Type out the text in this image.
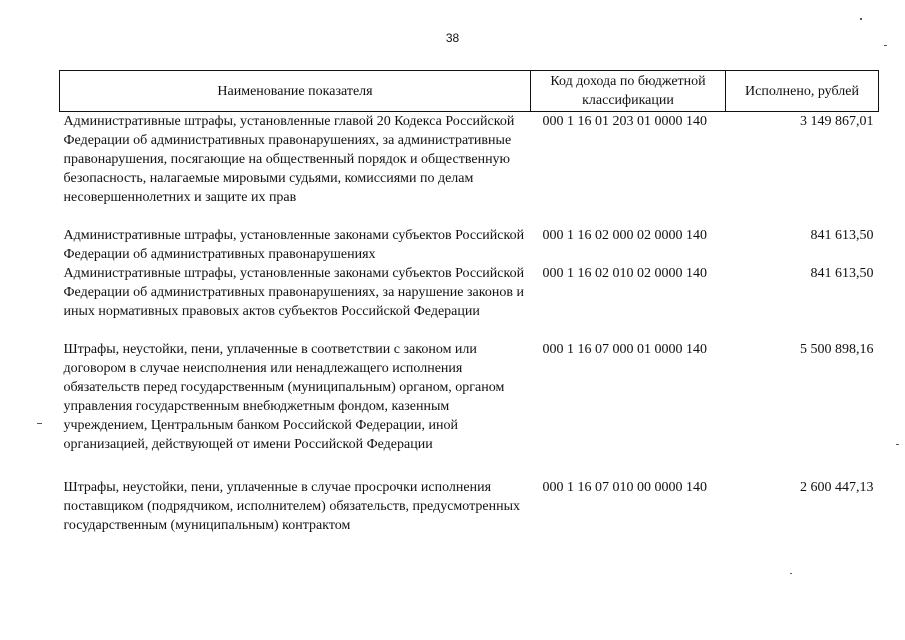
38
Наименование показателя	Код дохода по бюджетной классификации	Исполнено, рублей
Административные штрафы, установленные главой 20 Кодекса Российской Федерации об административных правонарушениях, за административные правонарушения, посягающие на общественный порядок и общественную безопасность, налагаемые мировыми судьями, комиссиями по делам несовершеннолетних и защите их прав	000 1 16 01 203 01 0000 140	3 149 867,01
Административные штрафы, установленные законами субъектов Российской Федерации об административных правонарушениях	000 1 16 02 000 02 0000 140	841 613,50
Административные штрафы, установленные законами субъектов Российской Федерации об административных правонарушениях, за нарушение законов и иных нормативных правовых актов субъектов Российской Федерации	000 1 16 02 010 02 0000 140	841 613,50
Штрафы, неустойки, пени, уплаченные в соответствии с законом или договором в случае неисполнения или ненадлежащего исполнения обязательств перед государственным (муниципальным) органом, органом управления государственным внебюджетным фондом, казенным учреждением, Центральным банком Российской Федерации, иной организацией, действующей от имени Российской Федерации	000 1 16 07 000 01 0000 140	5 500 898,16
Штрафы, неустойки, пени, уплаченные в случае просрочки исполнения поставщиком (подрядчиком, исполнителем) обязательств, предусмотренных государственным (муниципальным) контрактом	000 1 16 07 010 00 0000 140	2 600 447,13
